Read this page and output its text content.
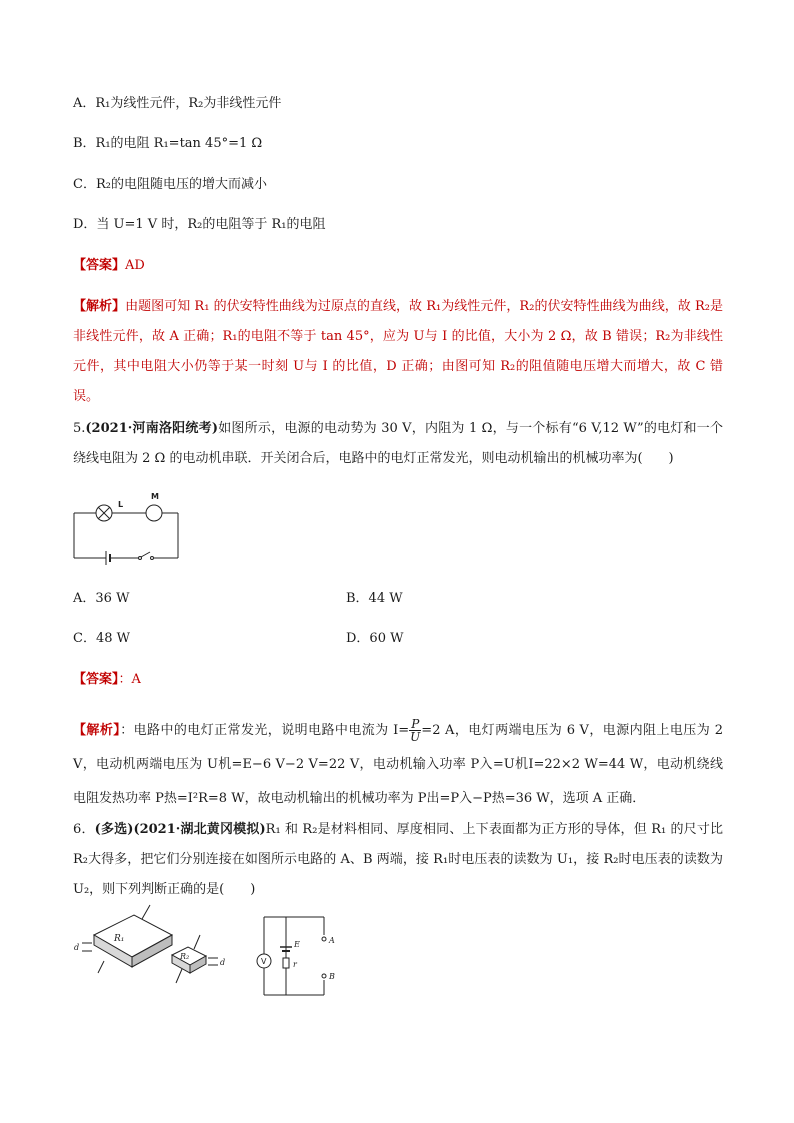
A．R₁为线性元件，R₂为非线性元件
B．R₁的电阻 R₁=tan 45°=1 Ω
C．R₂的电阻随电压的增大而减小
D．当 U=1 V 时，R₂的电阻等于 R₁的电阻
【答案】AD
【解析】由题图可知 R₁ 的伏安特性曲线为过原点的直线，故 R₁为线性元件，R₂的伏安特性曲线为曲线，故 R₂是非线性元件，故 A 正确；R₁的电阻不等于 tan 45°，应为 U与 I 的比值，大小为 2 Ω，故 B 错误；R₂为非线性元件，其中电阻大小仍等于某一时刻 U与 I 的比值，D 正确；由图可知 R₂的阻值随电压增大而增大，故 C 错误。
5.(2021·河南洛阳统考)如图所示，电源的电动势为 30 V，内阻为 1 Ω，与一个标有“6 V,12 W”的电灯和一个绕线电阻为 2 Ω 的电动机串联．开关闭合后，电路中的电灯正常发光，则电动机输出的机械功率为(　　)
L
M
A．36 W	B．44 W
C．48 W	D．60 W
【答案】：A
【解析】：电路中的电灯正常发光，说明电路中电流为 $I= \frac{P}{U} =2$ A，电灯两端电压为 6 V，电源内阻上电压为 2 V，电动机两端电压为 U机=E−6 V−2 V=22 V，电动机输入功率 P入=U机I=22×2 W=44 W，电动机绕线电阻发热功率 P热=I²R=8 W，故电动机输出的机械功率为 P出=P入−P热=36 W，选项 A 正确．
6．(多选)(2021·湖北黄冈模拟)R₁ 和 R₂是材料相同、厚度相同、上下表面都为正方形的导体，但 R₁ 的尺寸比 R₂大得多，把它们分别连接在如图所示电路的 A、B 两端，接 R₁时电压表的读数为 U₁，接 R₂时电压表的读数为 U₂，则下列判断正确的是(　　)
V
R₁
R₂
d
d
E
r
A
B
